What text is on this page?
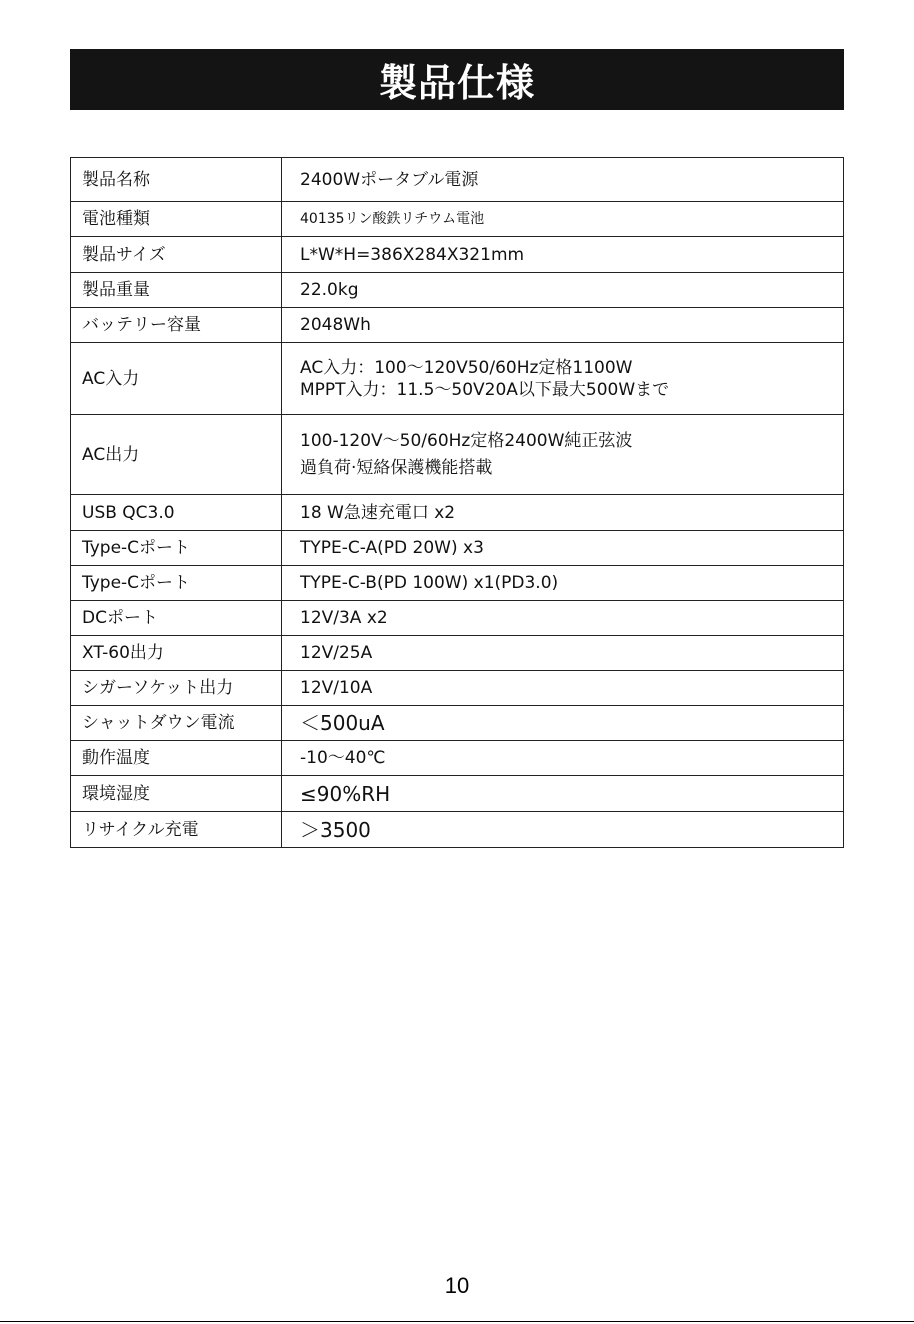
製品仕様
製品名称	2400Wポータブル電源

電池種類	40135リン酸鉄リチウム電池

製品サイズ	L*W*H=386X284X321mm

製品重量	22.0kg

バッテリー容量	2048Wh

AC入力	AC入力：100～120V50/60Hz定格1100W
MPPT入力：11.5～50V20A以下最大500Wまで

AC出力	100-120V～50/60Hz定格2400W純正弦波
過負荷·短絡保護機能搭載

USB QC3.0	18 W急速充電口 x2

Type-Cポート	TYPE-C-A(PD 20W) x3

Type-Cポート	TYPE-C-B(PD 100W) x1(PD3.0)

DCポート	12V/3A x2

XT-60出力	12V/25A

シガーソケット出力	12V/10A

シャットダウン電流	＜500uA

動作温度	-10～40℃

環境湿度	≤90%RH

リサイクル充電	＞3500
10
